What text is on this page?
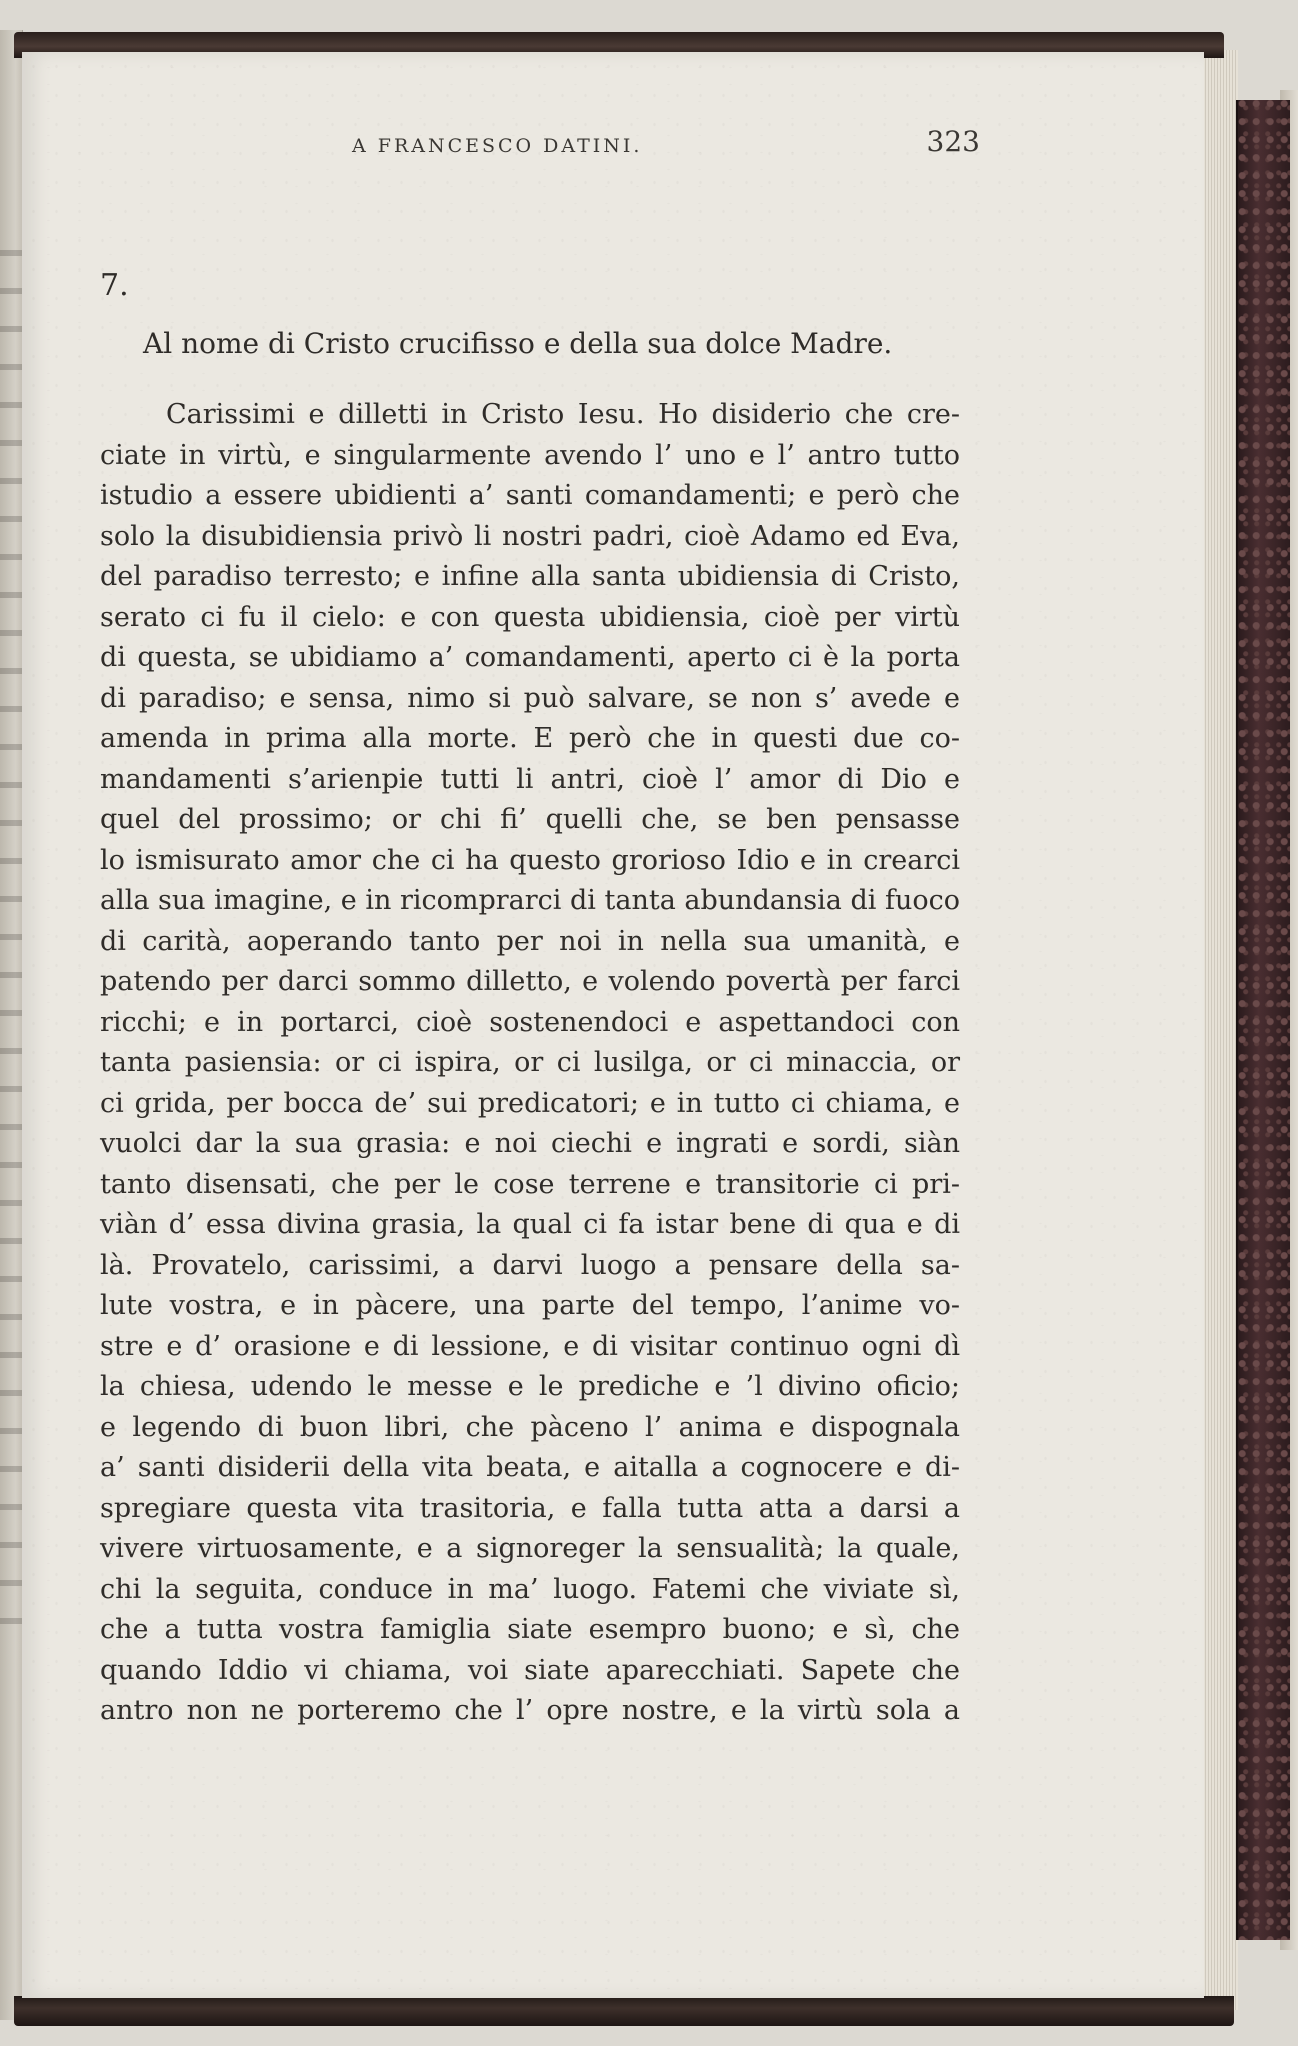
A FRANCESCO DATINI.	323

7.

Al nome di Cristo crucifisso e della sua dolce Madre.

Carissimi e dilletti in Cristo Iesu. Ho disiderio che cre-
ciate in virtù, e singularmente avendo l’ uno e l’ antro tutto
istudio a essere ubidienti a’ santi comandamenti; e però che
solo la disubidiensia privò li nostri padri, cioè Adamo ed Eva,
del paradiso terresto; e infine alla santa ubidiensia di Cristo,
serato ci fu il cielo: e con questa ubidiensia, cioè per virtù
di questa, se ubidiamo a’ comandamenti, aperto ci è la porta
di paradiso; e sensa, nimo si può salvare, se non s’ avede e
amenda in prima alla morte. E però che in questi due co-
mandamenti s’arienpie tutti li antri, cioè l’ amor di Dio e
quel del prossimo; or chi fi’ quelli che, se ben pensasse
lo ismisurato amor che ci ha questo grorioso Idio e in crearci
alla sua imagine, e in ricomprarci di tanta abundansia di fuoco
di carità, aoperando tanto per noi in nella sua umanità, e
patendo per darci sommo dilletto, e volendo povertà per farci
ricchi; e in portarci, cioè sostenendoci e aspettandoci con
tanta pasiensia: or ci ispira, or ci lusilga, or ci minaccia, or
ci grida, per bocca de’ sui predicatori; e in tutto ci chiama, e
vuolci dar la sua grasia: e noi ciechi e ingrati e sordi, siàn
tanto disensati, che per le cose terrene e transitorie ci pri-
viàn d’ essa divina grasia, la qual ci fa istar bene di qua e di
là. Provatelo, carissimi, a darvi luogo a pensare della sa-
lute vostra, e in pàcere, una parte del tempo, l’anime vo-
stre e d’ orasione e di lessione, e di visitar continuo ogni dì
la chiesa, udendo le messe e le prediche e ’l divino oficio;
e legendo di buon libri, che pàceno l’ anima e dispognala
a’ santi disiderii della vita beata, e aitalla a cognocere e di-
spregiare questa vita trasitoria, e falla tutta atta a darsi a
vivere virtuosamente, e a signoreger la sensualità; la quale,
chi la seguita, conduce in ma’ luogo. Fatemi che viviate sì,
che a tutta vostra famiglia siate esempro buono; e sì, che
quando Iddio vi chiama, voi siate aparecchiati. Sapete che
antro non ne porteremo che l’ opre nostre, e la virtù sola a
